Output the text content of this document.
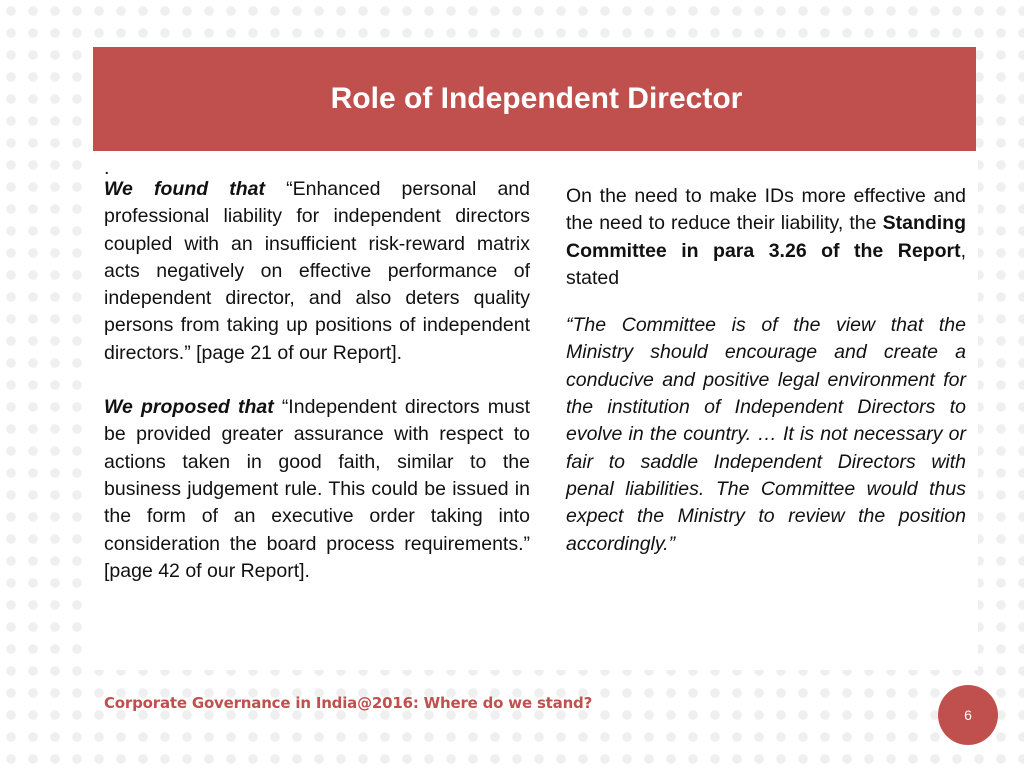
Role of Independent Director
.

We found that “Enhanced personal and professional liability for independent directors coupled with an insufficient risk-reward matrix acts negatively on effective performance of independent director, and also deters quality persons from taking up positions of independent directors.” [page 21 of our Report].

We proposed that “Independent directors must be provided greater assurance with respect to actions taken in good faith, similar to the business judgement rule. This could be issued in the form of an executive order taking into consideration the board process requirements.” [page 42 of our Report].

On the need to make IDs more effective and the need to reduce their liability, the Standing Committee in para 3.26 of the Report, stated

“The Committee is of the view that the Ministry should encourage and create a conducive and positive legal environment for the institution of Independent Directors to evolve in the country. … It is not necessary or fair to saddle Independent Directors with penal liabilities. The Committee would thus expect the Ministry to review the position accordingly.”

Corporate Governance in India@2016: Where do we stand?
6
